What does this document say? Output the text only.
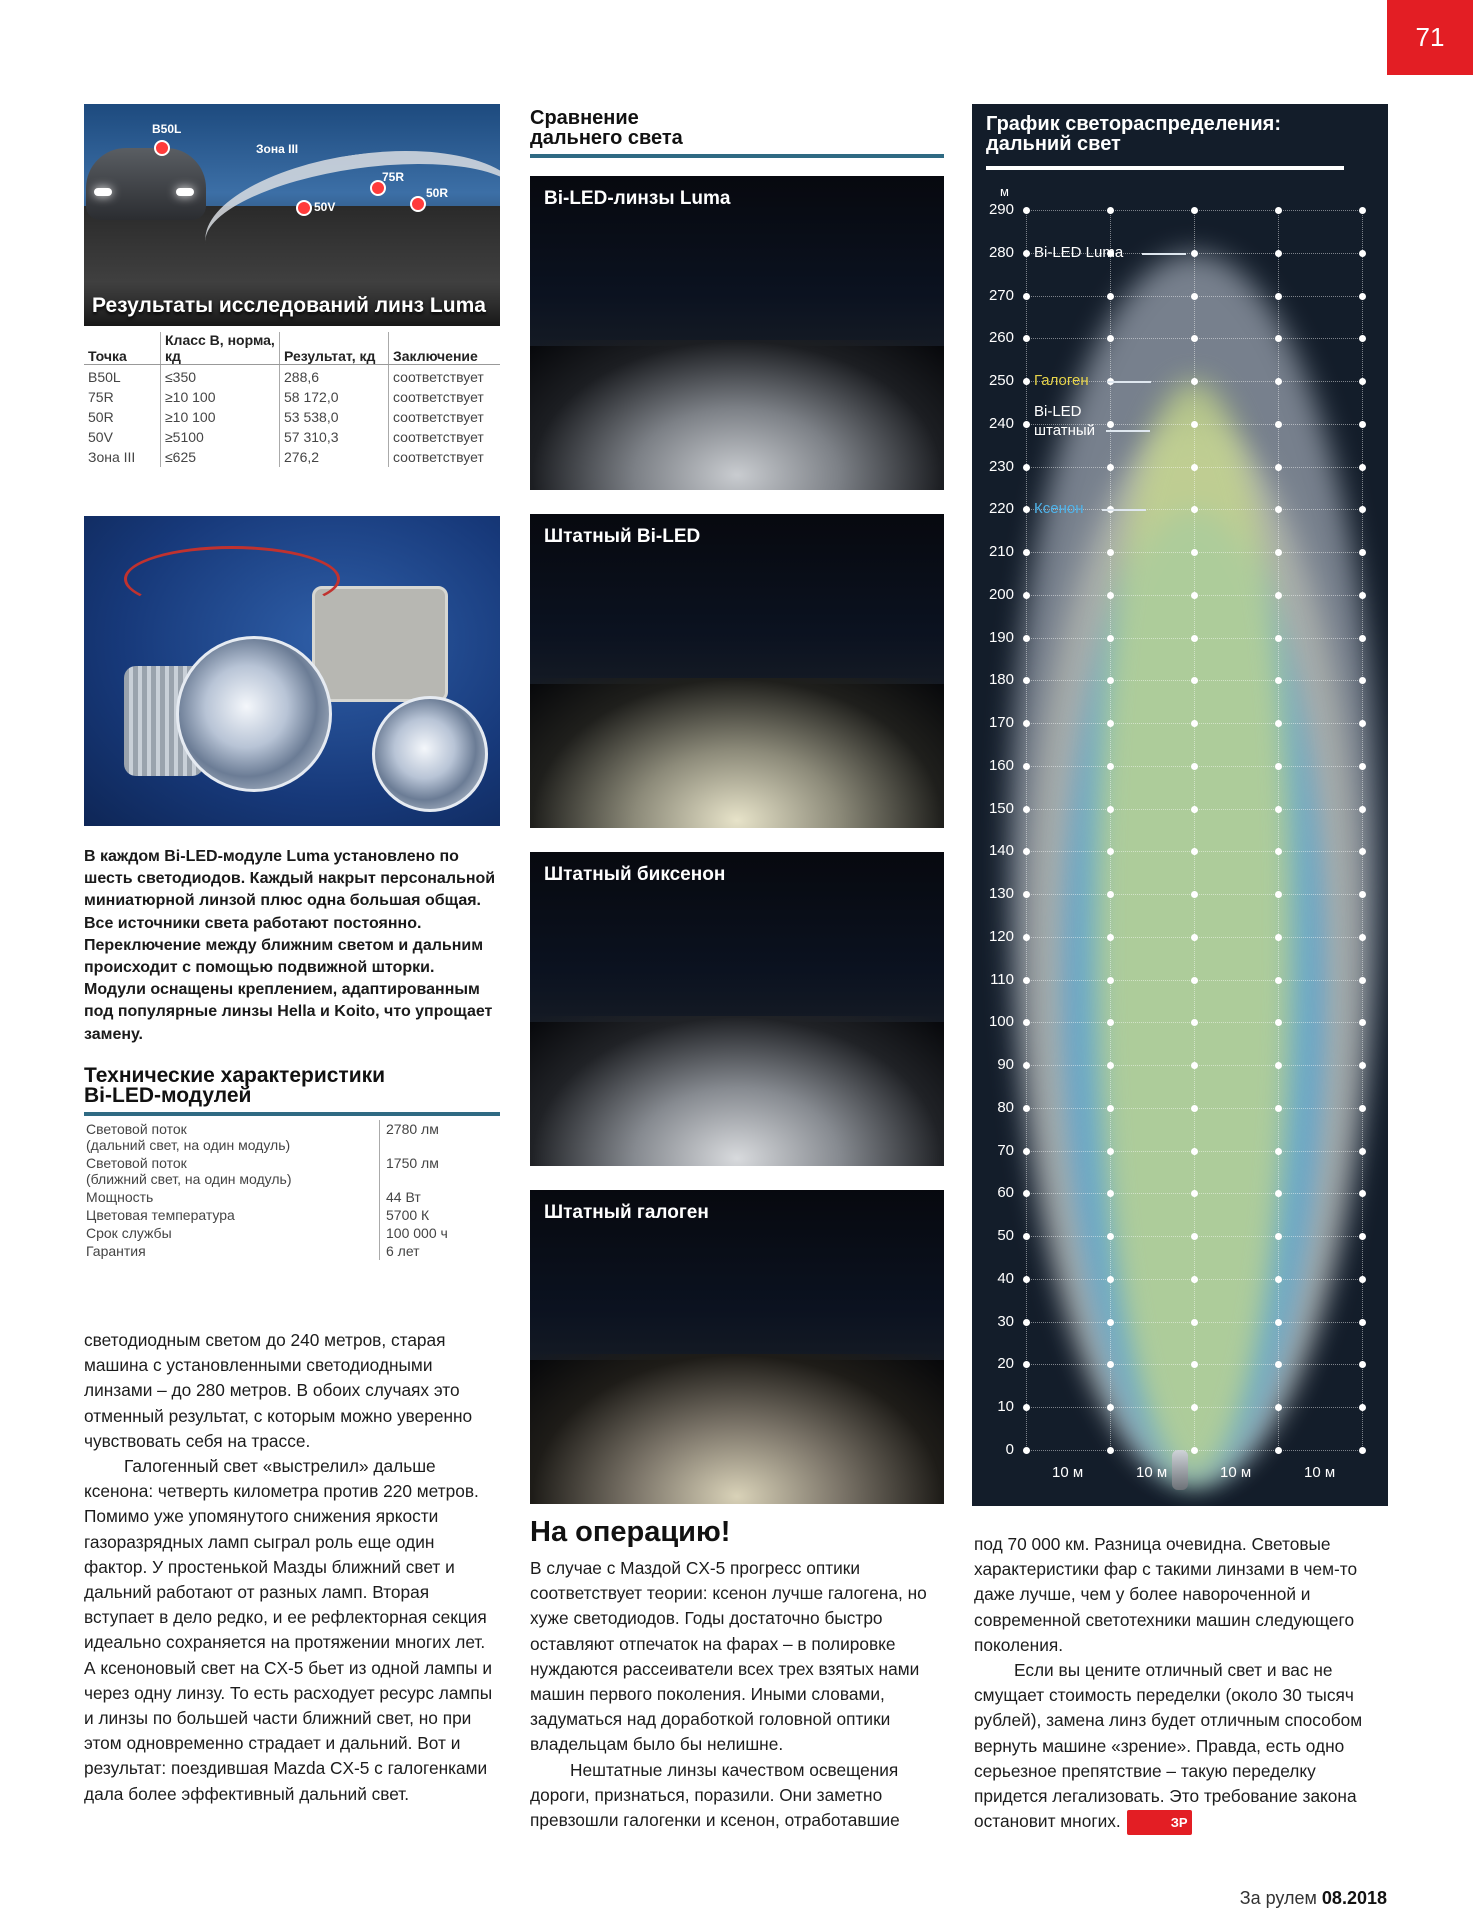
71
B50L
Зона III
75R
50R
50V
Результаты исследований линз Luma
Точка	Класс В, норма, кд	Результат, кд	Заключение
B50L	≤350	288,6	соответствует
75R	≥10 100	58 172,0	соответствует
50R	≥10 100	53 538,0	соответствует
50V	≥5100	57 310,3	соответствует
Зона III	≤625	276,2	соответствует
В каждом Bi-LED-модуле Luma установлено по шесть светодиодов. Каждый накрыт персональной миниатюрной линзой плюс одна большая общая. Все источники света работают постоянно. Переключение между ближним светом и дальним происходит с помощью подвижной шторки. Модули оснащены креплением, адаптированным под популярные линзы Hella и Koito, что упрощает замену.
Технические характеристики
Bi-LED-модулей
Световой поток
(дальний свет, на один модуль)	2780 лм

Световой поток
(ближний свет, на один модуль)	1750 лм

Мощность	44 Вт

Цветовая температура	5700 К

Срок службы	100 000 ч

Гарантия	6 лет
светодиодным светом до 240 метров, старая машина с установленными светодиодными линзами – до 280 метров. В обоих случаях это отменный результат, с которым можно уверенно чувствовать себя на трассе.
Галогенный свет «выстрелил» дальше ксенона: четверть километра против 220 метров. Помимо уже упомянутого снижения яркости газоразрядных ламп сыграл роль еще один фактор. У простенькой Мазды ближний свет и дальний работают от разных ламп. Вторая вступает в дело редко, и ее рефлекторная секция идеально сохраняется на протяжении многих лет. А ксеноновый свет на CX-5 бьет из одной лампы и через одну линзу. То есть расходует ресурс лампы и линзы по большей части ближний свет, но при этом одновременно страдает и дальний. Вот и результат: поездившая Mazda CX-5 с галогенками дала более эффективный дальний свет.
Сравнение
дальнего света
Bi-LED-линзы Luma
Штатный Bi-LED
Штатный биксенон
Штатный галоген
На операцию!
В случае с Маздой CX-5 прогресс оптики соответствует теории: ксенон лучше галогена, но хуже светодиодов. Годы достаточно быстро оставляют отпечаток на фарах – в полировке нуждаются рассеиватели всех трех взятых нами машин первого поколения. Иными словами, задуматься над доработкой головной оптики владельцам было бы нелишне.
Нештатные линзы качеством освещения дороги, признаться, поразили. Они заметно превзошли галогенки и ксенон, отработавшие
под 70 000 км. Разница очевидна. Световые характеристики фар с такими линзами в чем-то даже лучше, чем у более навороченной и современной светотехники машин следующего поколения.
Если вы цените отличный свет и вас не смущает стоимость переделки (около 30 тысяч рублей), замена линз будет отличным способом вернуть машине «зрение». Правда, есть одно серьезное препятствие – такую переделку придется легализовать. Это требование закона остановит многих.	ЗР
График светораспределения:
дальний свет
м
0
10
20
30
40
50
60
70
80
90
100
110
120
130
140
150
160
170
180
190
200
210
220
230
240
250
260
270
280
290
10 м	10 м	10 м	10 м
Bi-LED Luma
Bi-LED штатный
Ксенон
Галоген
За рулем 08.2018
